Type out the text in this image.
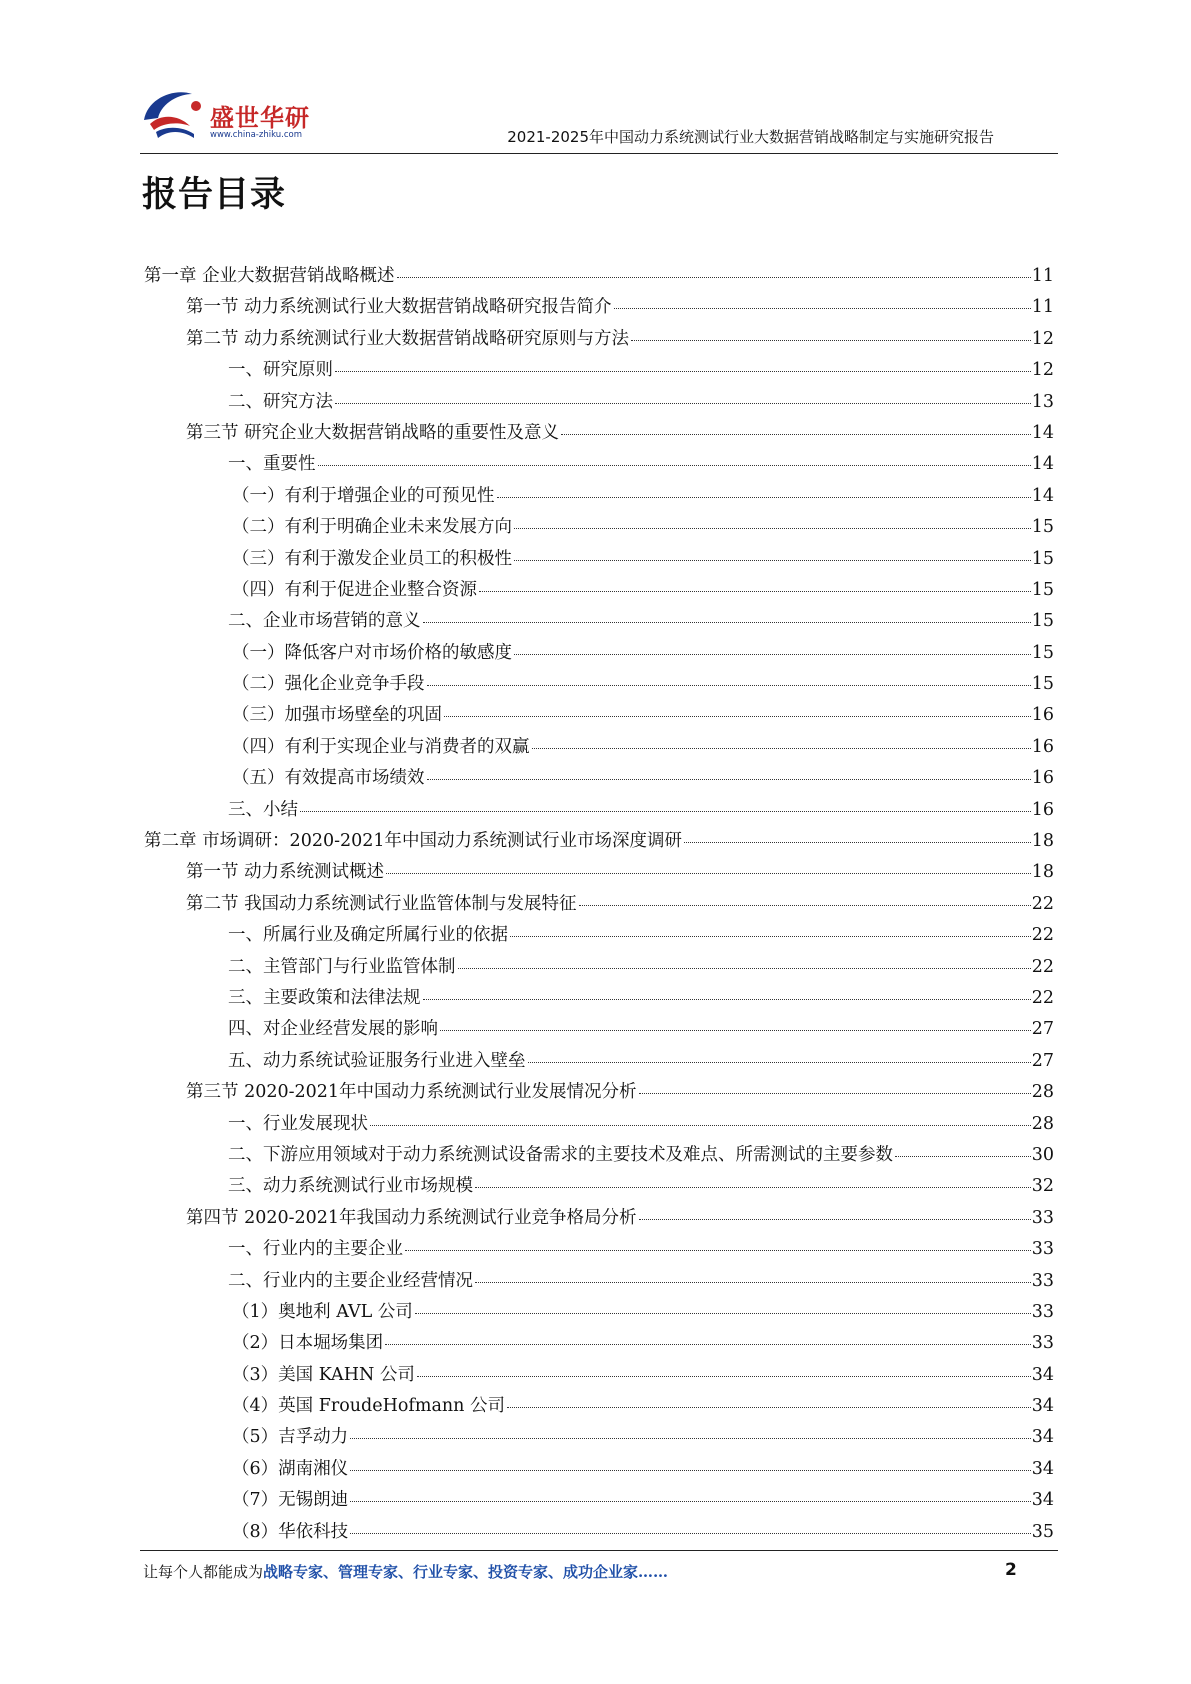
盛世华研
www.china-zhiku.com	2021-2025年中国动力系统测试行业大数据营销战略制定与实施研究报告
报告目录
第一章 企业大数据营销战略概述	11
第一节 动力系统测试行业大数据营销战略研究报告简介	11
第二节 动力系统测试行业大数据营销战略研究原则与方法	12
一、研究原则	12
二、研究方法	13
第三节 研究企业大数据营销战略的重要性及意义	14
一、重要性	14
（一）有利于增强企业的可预见性	14
（二）有利于明确企业未来发展方向	15
（三）有利于激发企业员工的积极性	15
（四）有利于促进企业整合资源	15
二、企业市场营销的意义	15
（一）降低客户对市场价格的敏感度	15
（二）强化企业竞争手段	15
（三）加强市场壁垒的巩固	16
（四）有利于实现企业与消费者的双赢	16
（五）有效提高市场绩效	16
三、小结	16
第二章 市场调研：2020-2021年中国动力系统测试行业市场深度调研	18
第一节 动力系统测试概述	18
第二节 我国动力系统测试行业监管体制与发展特征	22
一、所属行业及确定所属行业的依据	22
二、主管部门与行业监管体制	22
三、主要政策和法律法规	22
四、对企业经营发展的影响	27
五、动力系统试验证服务行业进入壁垒	27
第三节 2020-2021年中国动力系统测试行业发展情况分析	28
一、行业发展现状	28
二、下游应用领域对于动力系统测试设备需求的主要技术及难点、所需测试的主要参数	30
三、动力系统测试行业市场规模	32
第四节 2020-2021年我国动力系统测试行业竞争格局分析	33
一、行业内的主要企业	33
二、行业内的主要企业经营情况	33
（1）奥地利 AVL 公司	33
（2）日本堀场集团	33
（3）美国 KAHN 公司	34
（4）英国 FroudeHofmann 公司	34
（5）吉孚动力	34
（6）湖南湘仪	34
（7）无锡朗迪	34
（8）华依科技	35
让每个人都能成为战略专家、管理专家、行业专家、投资专家、成功企业家……	2
